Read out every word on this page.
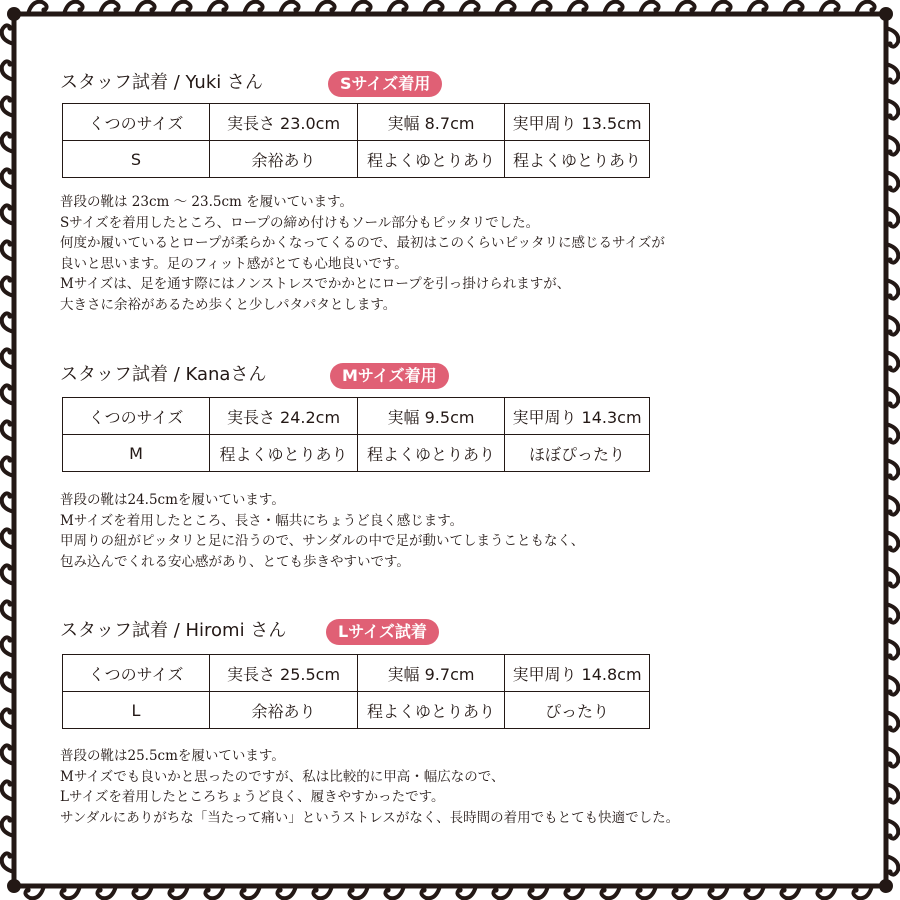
スタッフ試着 / Yuki さん	Sサイズ着用
くつのサイズ	実長さ 23.0cm	実幅 8.7cm	実甲周り 13.5cm
S	余裕あり	程よくゆとりあり	程よくゆとりあり
普段の靴は 23cm ～ 23.5cm を履いています。
Sサイズを着用したところ、ロープの締め付けもソール部分もピッタリでした。
何度か履いているとロープが柔らかくなってくるので、最初はこのくらいピッタリに感じるサイズが
良いと思います。足のフィット感がとても心地良いです。
Mサイズは、足を通す際にはノンストレスでかかとにロープを引っ掛けられますが、
大きさに余裕があるため歩くと少しパタパタとします。
スタッフ試着 / Kanaさん	Mサイズ着用
くつのサイズ	実長さ 24.2cm	実幅 9.5cm	実甲周り 14.3cm
M	程よくゆとりあり	程よくゆとりあり	ほぼぴったり
普段の靴は24.5cmを履いています。
Mサイズを着用したところ、長さ・幅共にちょうど良く感じます。
甲周りの紐がピッタリと足に沿うので、サンダルの中で足が動いてしまうこともなく、
包み込んでくれる安心感があり、とても歩きやすいです。
スタッフ試着 / Hiromi さん	Lサイズ試着
くつのサイズ	実長さ 25.5cm	実幅 9.7cm	実甲周り 14.8cm
L	余裕あり	程よくゆとりあり	ぴったり
普段の靴は25.5cmを履いています。
Mサイズでも良いかと思ったのですが、私は比較的に甲高・幅広なので、
Lサイズを着用したところちょうど良く、履きやすかったです。
サンダルにありがちな「当たって痛い」というストレスがなく、長時間の着用でもとても快適でした。
